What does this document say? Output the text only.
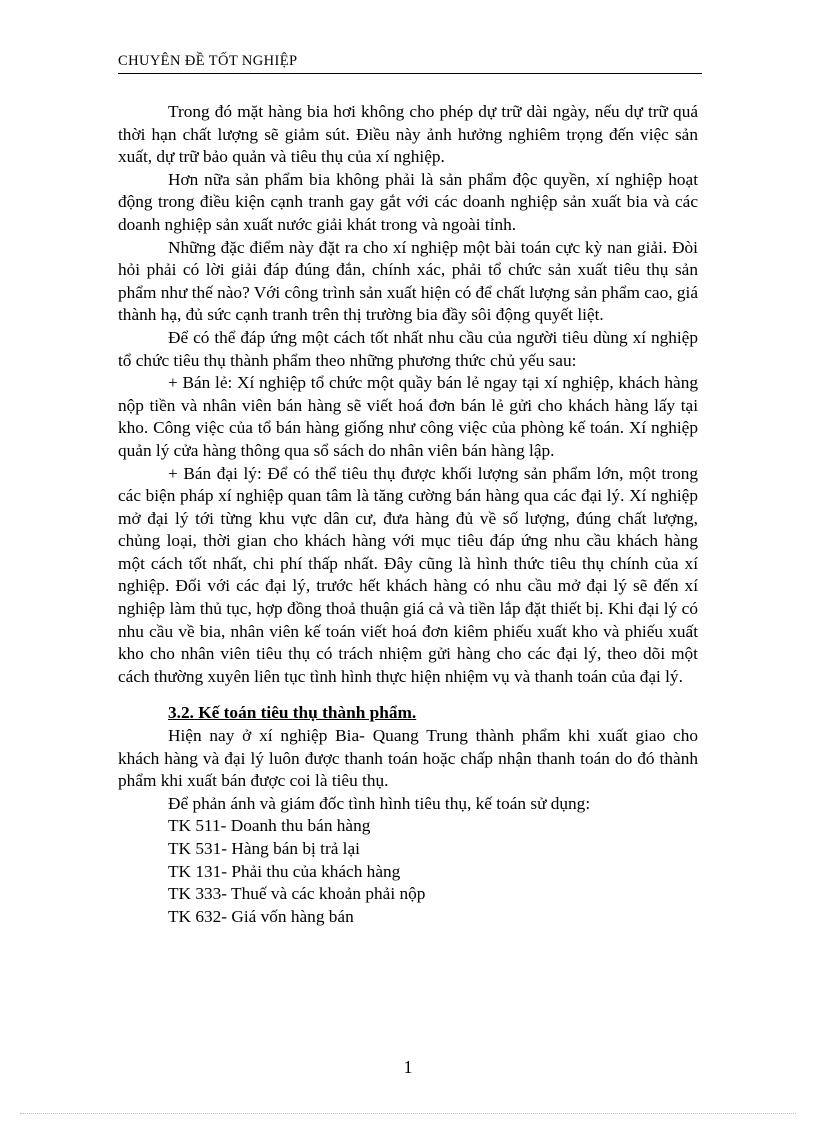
CHUYÊN ĐỀ TỐT NGHIỆP

Trong đó mặt hàng bia hơi không cho phép dự trữ dài ngày, nếu dự trữ quá thời hạn chất lượng sẽ giảm sút. Điều này ảnh hưởng nghiêm trọng đến việc sản xuất, dự trữ bảo quản và tiêu thụ của xí nghiệp.

Hơn nữa sản phẩm bia không phải là sản phẩm độc quyền, xí nghiệp hoạt động trong điều kiện cạnh tranh gay gắt với các doanh nghiệp sản xuất bia và các doanh nghiệp sản xuất nước giải khát trong và ngoài tỉnh.

Những đặc điểm này đặt ra cho xí nghiệp một bài toán cực kỳ nan giải. Đòi hỏi phải có lời giải đáp đúng đắn, chính xác, phải tổ chức sản xuất tiêu thụ sản phẩm như thế nào? Với công trình sản xuất hiện có để chất lượng sản phẩm cao, giá thành hạ, đủ sức cạnh tranh trên thị trường bia đầy sôi động quyết liệt.

Để có thể đáp ứng một cách tốt nhất nhu cầu của người tiêu dùng xí nghiệp tổ chức tiêu thụ thành phẩm theo những phương thức chủ yếu sau:

+ Bán lẻ: Xí nghiệp tổ chức một quầy bán lẻ ngay tại xí nghiệp, khách hàng nộp tiền và nhân viên bán hàng sẽ viết hoá đơn bán lẻ gửi cho khách hàng lấy tại kho. Công việc của tổ bán hàng giống như công việc của phòng kế toán. Xí nghiệp quản lý cửa hàng thông qua sổ sách do nhân viên bán hàng lập.

+ Bán đại lý: Để có thể tiêu thụ được khối lượng sản phẩm lớn, một trong các biện pháp xí nghiệp quan tâm là tăng cường bán hàng qua các đại lý. Xí nghiệp mở đại lý tới từng khu vực dân cư, đưa hàng đủ về số lượng, đúng chất lượng, chủng loại, thời gian cho khách hàng với mục tiêu đáp ứng nhu cầu khách hàng một cách tốt nhất, chi phí thấp nhất. Đây cũng là hình thức tiêu thụ chính của xí nghiệp. Đối với các đại lý, trước hết khách hàng có nhu cầu mở đại lý sẽ đến xí nghiệp làm thủ tục, hợp đồng thoả thuận giá cả và tiền lắp đặt thiết bị. Khi đại lý có nhu cầu về bia, nhân viên kế toán viết hoá đơn kiêm phiếu xuất kho và phiếu xuất kho cho nhân viên tiêu thụ có trách nhiệm gửi hàng cho các đại lý, theo dõi một cách thường xuyên liên tục tình hình thực hiện nhiệm vụ và thanh toán của đại lý.

3.2. Kế toán tiêu thụ thành phẩm.

Hiện nay ở xí nghiệp Bia- Quang Trung thành phẩm khi xuất giao cho khách hàng và đại lý luôn được thanh toán hoặc chấp nhận thanh toán do đó thành phẩm khi xuất bán được coi là tiêu thụ.

Để phản ánh và giám đốc tình hình tiêu thụ, kế toán sử dụng:

TK 511- Doanh thu bán hàng
TK 531- Hàng bán bị trả lại
TK 131- Phải thu của khách hàng
TK 333- Thuế và các khoản phải nộp
TK 632- Giá vốn hàng bán
1
